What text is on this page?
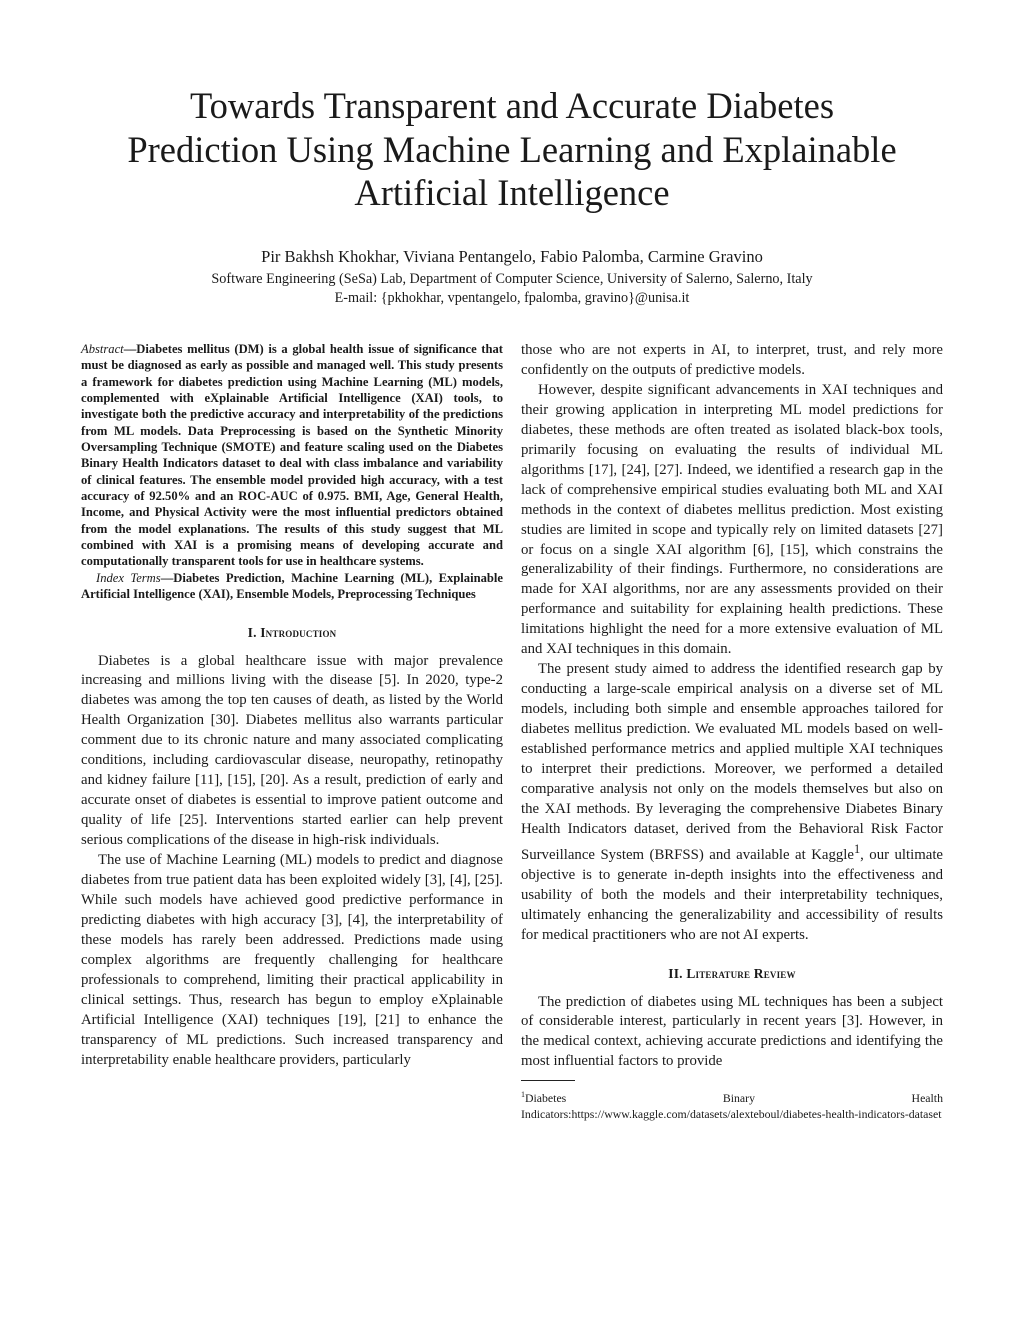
Towards Transparent and Accurate Diabetes
Prediction Using Machine Learning and Explainable
Artificial Intelligence
Pir Bakhsh Khokhar, Viviana Pentangelo, Fabio Palomba, Carmine Gravino
Software Engineering (SeSa) Lab, Department of Computer Science, University of Salerno, Salerno, Italy
E-mail: {pkhokhar, vpentangelo, fpalomba, gravino}@unisa.it

Abstract—Diabetes mellitus (DM) is a global health issue of significance that must be diagnosed as early as possible and managed well. This study presents a framework for diabetes prediction using Machine Learning (ML) models, complemented with eXplainable Artificial Intelligence (XAI) tools, to investigate both the predictive accuracy and interpretability of the predictions from ML models. Data Preprocessing is based on the Synthetic Minority Oversampling Technique (SMOTE) and feature scaling used on the Diabetes Binary Health Indicators dataset to deal with class imbalance and variability of clinical features. The ensemble model provided high accuracy, with a test accuracy of 92.50% and an ROC-AUC of 0.975. BMI, Age, General Health, Income, and Physical Activity were the most influential predictors obtained from the model explanations. The results of this study suggest that ML combined with XAI is a promising means of developing accurate and computationally transparent tools for use in healthcare systems.

Index Terms—Diabetes Prediction, Machine Learning (ML), Explainable Artificial Intelligence (XAI), Ensemble Models, Preprocessing Techniques

I. Introduction

Diabetes is a global healthcare issue with major prevalence increasing and millions living with the disease [5]. In 2020, type-2 diabetes was among the top ten causes of death, as listed by the World Health Organization [30]. Diabetes mellitus also warrants particular comment due to its chronic nature and many associated complicating conditions, including cardiovascular disease, neuropathy, retinopathy and kidney failure [11], [15], [20]. As a result, prediction of early and accurate onset of diabetes is essential to improve patient outcome and quality of life [25]. Interventions started earlier can help prevent serious complications of the disease in high-risk individuals.

The use of Machine Learning (ML) models to predict and diagnose diabetes from true patient data has been exploited widely [3], [4], [25]. While such models have achieved good predictive performance in predicting diabetes with high accuracy [3], [4], the interpretability of these models has rarely been addressed. Predictions made using complex algorithms are frequently challenging for healthcare professionals to comprehend, limiting their practical applicability in clinical settings. Thus, research has begun to employ eXplainable Artificial Intelligence (XAI) techniques [19], [21] to enhance the transparency of ML predictions. Such increased transparency and interpretability enable healthcare providers, particularly

those who are not experts in AI, to interpret, trust, and rely more confidently on the outputs of predictive models.

However, despite significant advancements in XAI techniques and their growing application in interpreting ML model predictions for diabetes, these methods are often treated as isolated black-box tools, primarily focusing on evaluating the results of individual ML algorithms [17], [24], [27]. Indeed, we identified a research gap in the lack of comprehensive empirical studies evaluating both ML and XAI methods in the context of diabetes mellitus prediction. Most existing studies are limited in scope and typically rely on limited datasets [27] or focus on a single XAI algorithm [6], [15], which constrains the generalizability of their findings. Furthermore, no considerations are made for XAI algorithms, nor are any assessments provided on their performance and suitability for explaining health predictions. These limitations highlight the need for a more extensive evaluation of ML and XAI techniques in this domain.

The present study aimed to address the identified research gap by conducting a large-scale empirical analysis on a diverse set of ML models, including both simple and ensemble approaches tailored for diabetes mellitus prediction. We evaluated ML models based on well-established performance metrics and applied multiple XAI techniques to interpret their predictions. Moreover, we performed a detailed comparative analysis not only on the models themselves but also on the XAI methods. By leveraging the comprehensive Diabetes Binary Health Indicators dataset, derived from the Behavioral Risk Factor Surveillance System (BRFSS) and available at Kaggle$^1$, our ultimate objective is to generate in-depth insights into the effectiveness and usability of both the models and their interpretability techniques, ultimately enhancing the generalizability and accessibility of results for medical practitioners who are not AI experts.

II. Literature Review

The prediction of diabetes using ML techniques has been a subject of considerable interest, particularly in recent years [3]. However, in the medical context, achieving accurate predictions and identifying the most influential factors to provide

$^1$Diabetes Binary Health Indicators:https://www.kaggle.com/datasets/alexteboul/diabetes-health-indicators-dataset
